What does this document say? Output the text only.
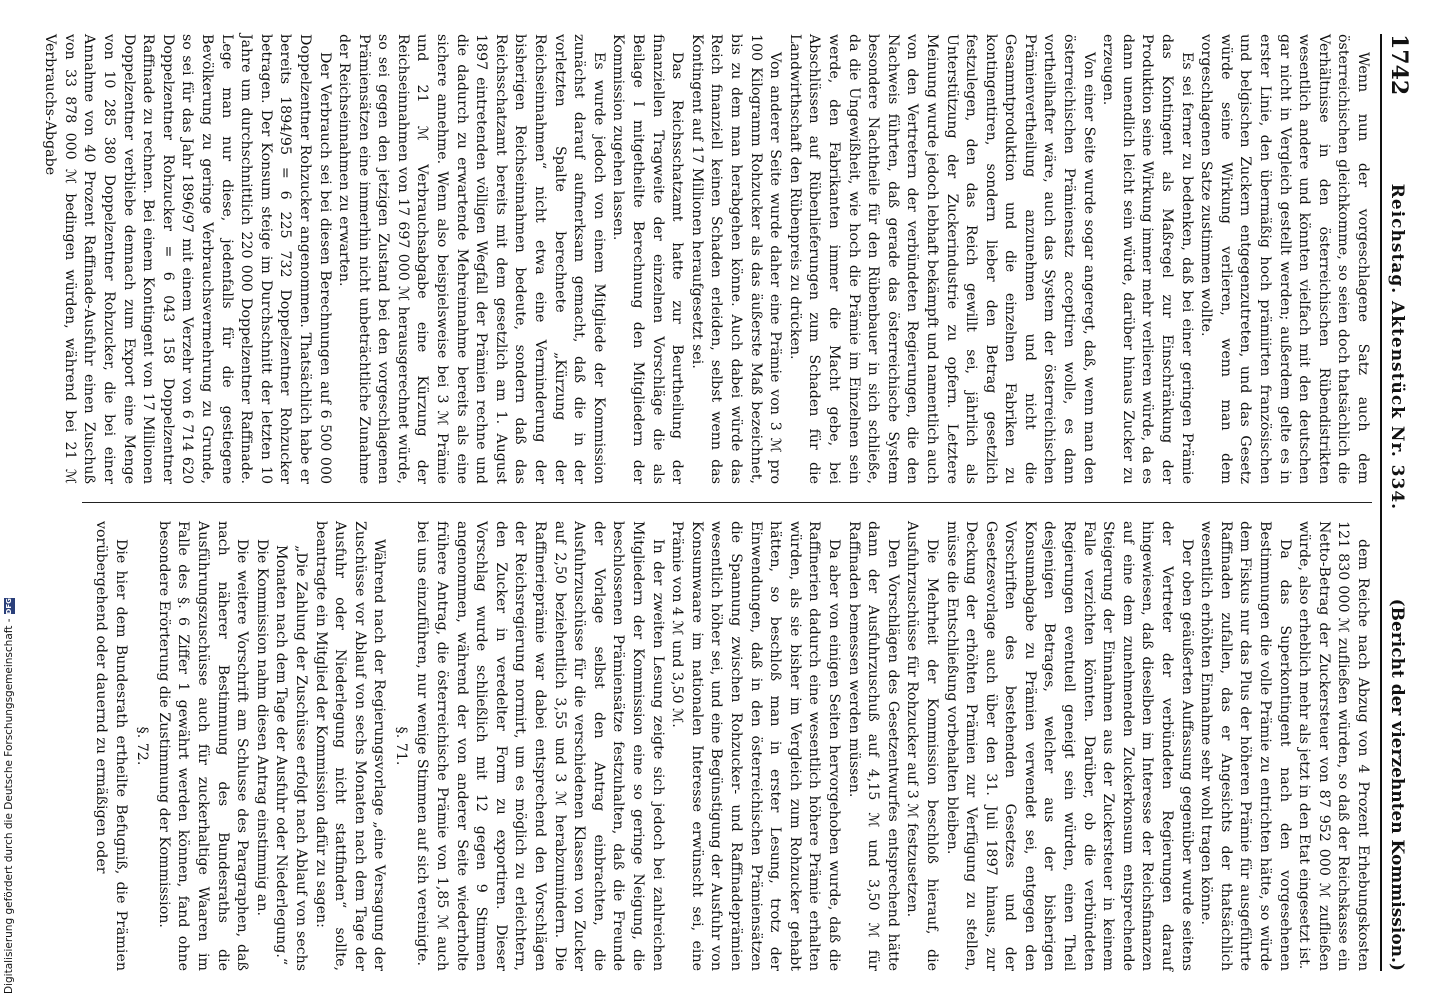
1742
Reichstag. Aktenstück Nr. 334.
(Bericht der vierzehnten Kommission.)

Wenn nun der vorgeschlagene Satz auch dem österreichischen gleichkomme, so seien doch thatsächlich die Verhältnisse in den österreichischen Rübendistrikten wesentlich andere und könnten vielfach mit den deutschen gar nicht in Vergleich gestellt werden; außerdem gelte es in erster Linie, den übermäßig hoch prämiirten französischen und belgischen Zuckern entgegenzutreten, und das Gesetz würde seine Wirkung verlieren, wenn man dem vorgeschlagenen Satze zustimmen wollte.

Es sei ferner zu bedenken, daß bei einer geringen Prämie das Kontingent als Maßregel zur Einschränkung der Produktion seine Wirkung immer mehr verlieren würde, da es dann unendlich leicht sein würde, darüber hinaus Zucker zu erzeugen.

Von einer Seite wurde sogar angeregt, daß, wenn man den österreichischen Prämiensatz acceptiren wolle, es dann vortheilhafter wäre, auch das System der österreichischen Prämienvertheilung anzunehmen und nicht die Gesammtproduktion und die einzelnen Fabriken zu kontingentiren, sondern lieber den Betrag gesetzlich festzulegen, den das Reich gewillt sei, jährlich als Unterstützung der Zuckerindustrie zu opfern. Letztere Meinung wurde jedoch lebhaft bekämpft und namentlich auch von den Vertretern der verbündeten Regierungen, die den Nachweis führten, daß gerade das österreichische System besondere Nachtheile für den Rübenbauer in sich schließe, da die Ungewißheit, wie hoch die Prämie im Einzelnen sein werde, den Fabrikanten immer die Macht gebe, bei Abschlüssen auf Rübenlieferungen zum Schaden für die Landwirthschaft den Rübenpreis zu drücken.

Von anderer Seite wurde daher eine Prämie von 3 ℳ pro 100 Kilogramm Rohzucker als das äußerste Maß bezeichnet, bis zu dem man herabgehen könne. Auch dabei würde das Reich finanziell keinen Schaden erleiden, selbst wenn das Kontingent auf 17 Millionen heraufgesetzt sei.

Das Reichsschatzamt hatte zur Beurtheilung der finanziellen Tragweite der einzelnen Vorschläge die als Beilage I mitgetheilte Berechnung den Mitgliedern der Kommission zugehen lassen.

Es wurde jedoch von einem Mitgliede der Kommission zunächst darauf aufmerksam gemacht, daß die in der vorletzten Spalte berechnete „Kürzung der Reichseinnahmen“ nicht etwa eine Verminderung der bisherigen Reichseinnahmen bedeute, sondern daß das Reichsschatzamt bereits mit dem gesetzlich am 1. August 1897 eintretenden völligen Wegfall der Prämien rechne und die dadurch zu erwartende Mehreinnahme bereits als eine sichere annehme. Wenn also beispielsweise bei 3 ℳ Prämie und 21 ℳ Verbrauchsabgabe eine Kürzung der Reichseinnahmen von 17 697 000 ℳ herausgerechnet würde, so sei gegen den jetzigen Zustand bei den vorgeschlagenen Prämiensätzen eine immerhin nicht unbeträchtliche Zunahme der Reichseinnahmen zu erwarten.

Der Verbrauch sei bei diesen Berechnungen auf 6 500 000 Doppelzentner Rohzucker angenommen. Thatsächlich habe er bereits 1894/95 = 6 225 732 Doppelzentner Rohzucker betragen. Der Konsum steige im Durchschnitt der letzten 10 Jahre um durchschnittlich 220 000 Doppelzentner Raffinade. Lege man nur diese, jedenfalls für die gestiegene Bevölkerung zu geringe Verbrauchsvermehrung zu Grunde, so sei für das Jahr 1896/97 mit einem Verzehr von 6 714 620 Doppelzentner Rohzucker = 6 043 158 Doppelzentner Raffinade zu rechnen. Bei einem Kontingent von 17 Millionen Doppelzentner verbliebe demnach zum Export eine Menge von 10 285 380 Doppelzentner Rohzucker, die bei einer Annahme von 40 Prozent Raffinade-Ausfuhr einen Zuschuß von 33 878 000 ℳ bedingen würden, während bei 21 ℳ Verbrauchs-Abgabe

dem Reiche nach Abzug von 4 Prozent Erhebungskosten 121 830 000 ℳ zufließen würden, so daß der Reichskasse ein Netto-Betrag der Zuckersteuer von 87 952 000 ℳ zufließen würde, also erheblich mehr als jetzt in den Etat eingesetzt ist.

Da das Superkontingent nach den vorgesehenen Bestimmungen die volle Prämie zu entrichten hätte, so würde dem Fiskus nur das Plus der höheren Prämie für ausgeführte Raffinaden zufallen, das er Angesichts der thatsächlich wesentlich erhöhten Einnahme sehr wohl tragen könne.

Der oben geäußerten Auffassung gegenüber wurde seitens der Vertreter der verbündeten Regierungen darauf hingewiesen, daß dieselben im Interesse der Reichsfinanzen auf eine dem zunehmenden Zuckerkonsum entsprechende Steigerung der Einnahmen aus der Zuckersteuer in keinem Falle verzichten könnten. Darüber, ob die verbündeten Regierungen eventuell geneigt sein würden, einen Theil desjenigen Betrages, welcher aus der bisherigen Konsumabgabe zu Prämien verwendet sei, entgegen den Vorschriften des bestehenden Gesetzes und der Gesetzesvorlage auch über den 31. Juli 1897 hinaus, zur Deckung der erhöhten Prämien zur Verfügung zu stellen, müsse die Entschließung vorbehalten bleiben.

Die Mehrheit der Kommission beschloß hierauf, die Ausfuhrzuschüsse für Rohzucker auf 3 ℳ festzusetzen.

Den Vorschlägen des Gesetzentwurfes entsprechend hätte dann der Ausfuhrzuschuß auf 4,15 ℳ und 3,50 ℳ für Raffinaden bemessen werden müssen.

Da aber von einigen Seiten hervorgehoben wurde, daß die Raffinerien dadurch eine wesentlich höhere Prämie erhalten würden, als sie bisher im Vergleich zum Rohzucker gehabt hätten, so beschloß man in erster Lesung, trotz der Einwendungen, daß in den österreichischen Prämiensätzen die Spannung zwischen Rohzucker- und Raffinadeprämien wesentlich höher sei, und eine Begünstigung der Ausfuhr von Konsumwaare im nationalen Interesse erwünscht sei, eine Prämie von 4 ℳ und 3,50 ℳ.

In der zweiten Lesung zeigte sich jedoch bei zahlreichen Mitgliedern der Kommission eine so geringe Neigung, die beschlossenen Prämiensätze festzuhalten, daß die Freunde der Vorlage selbst den Antrag einbrachten, die Ausfuhrzuschüsse für die verschiedenen Klassen von Zucker auf 2,50 beziehentlich 3,55 und 3 ℳ herabzumindern. Die Raffinerieprämie war dabei entsprechend den Vorschlägen der Reichsregierung normirt, um es möglich zu erleichtern, den Zucker in veredelter Form zu exportiren. Dieser Vorschlag wurde schließlich mit 12 gegen 9 Stimmen angenommen, während der von anderer Seite wiederholte frühere Antrag, die österreichische Prämie von 1,85 ℳ auch bei uns einzuführen, nur wenige Stimmen auf sich vereinigte.

§. 71.

Während nach der Regierungsvorlage „eine Versagung der Zuschüsse vor Ablauf von sechs Monaten nach dem Tage der Ausfuhr oder Niederlegung nicht stattfinden“ sollte, beantragte ein Mitglied der Kommission dafür zu sagen:

„Die Zahlung der Zuschüsse erfolgt nach Ablauf von sechs Monaten nach dem Tage der Ausfuhr oder Niederlegung.“

Die Kommission nahm diesen Antrag einstimmig an.

Die weitere Vorschrift am Schlusse des Paragraphen, daß nach näherer Bestimmung des Bundesraths die Ausführungszuschüsse auch für zuckerhaltige Waaren im Falle des §. 6 Ziffer 1 gewährt werden können, fand ohne besondere Erörterung die Zustimmung der Kommission.

§. 72.

Die hier dem Bundesrath ertheilte Befugniß, die Prämien vorübergehend oder dauernd zu ermäßigen oder

Digitalisierung gefördert durch die Deutsche Forschungsgemeinschaft -
DFG
